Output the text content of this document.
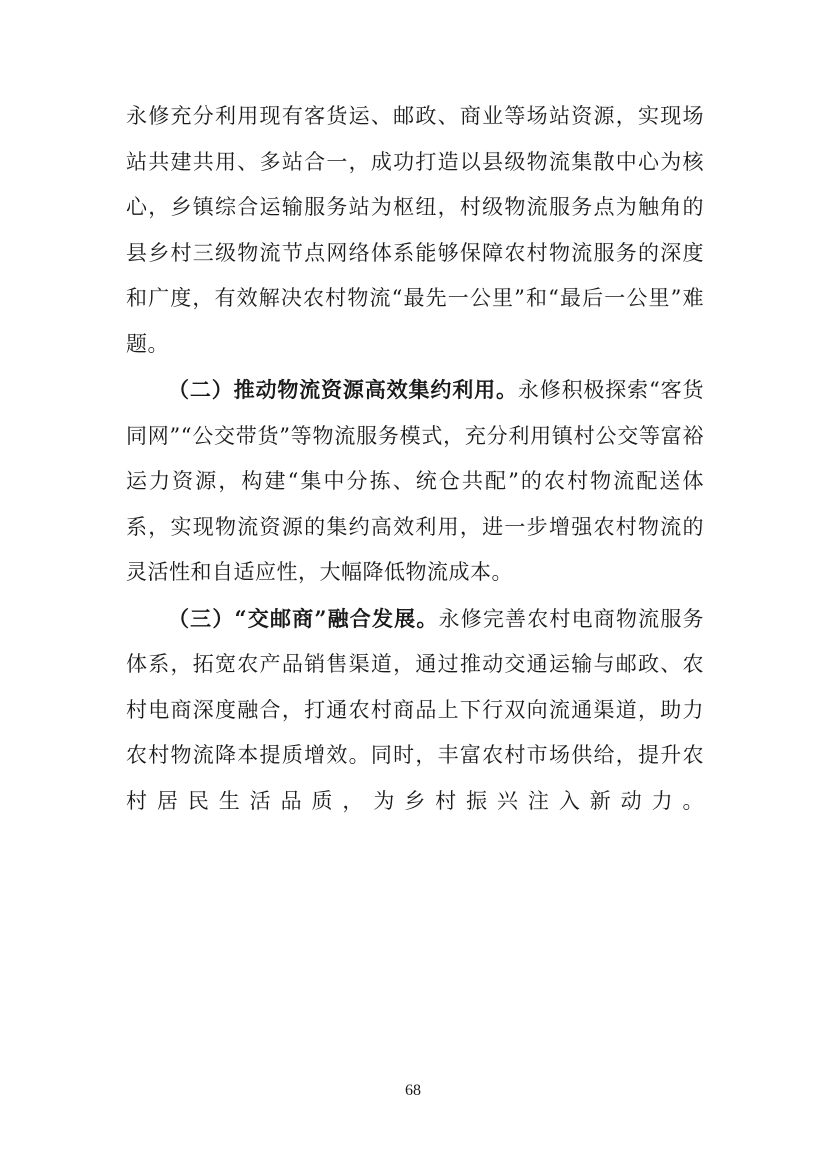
永修充分利用现有客货运、邮政、商业等场站资源，实现场站共建共用、多站合一，成功打造以县级物流集散中心为核心，乡镇综合运输服务站为枢纽，村级物流服务点为触角的县乡村三级物流节点网络体系能够保障农村物流服务的深度和广度，有效解决农村物流“最先一公里”和“最后一公里”难题。

（二）推动物流资源高效集约利用。永修积极探索“客货同网”“公交带货”等物流服务模式，充分利用镇村公交等富裕运力资源，构建“集中分拣、统仓共配”的农村物流配送体系，实现物流资源的集约高效利用，进一步增强农村物流的灵活性和自适应性，大幅降低物流成本。

（三）“交邮商”融合发展。永修完善农村电商物流服务体系，拓宽农产品销售渠道，通过推动交通运输与邮政、农村电商深度融合，打通农村商品上下行双向流通渠道，助力农村物流降本提质增效。同时，丰富农村市场供给，提升农村居民生活品质，为乡村振兴注入新动力。

68
